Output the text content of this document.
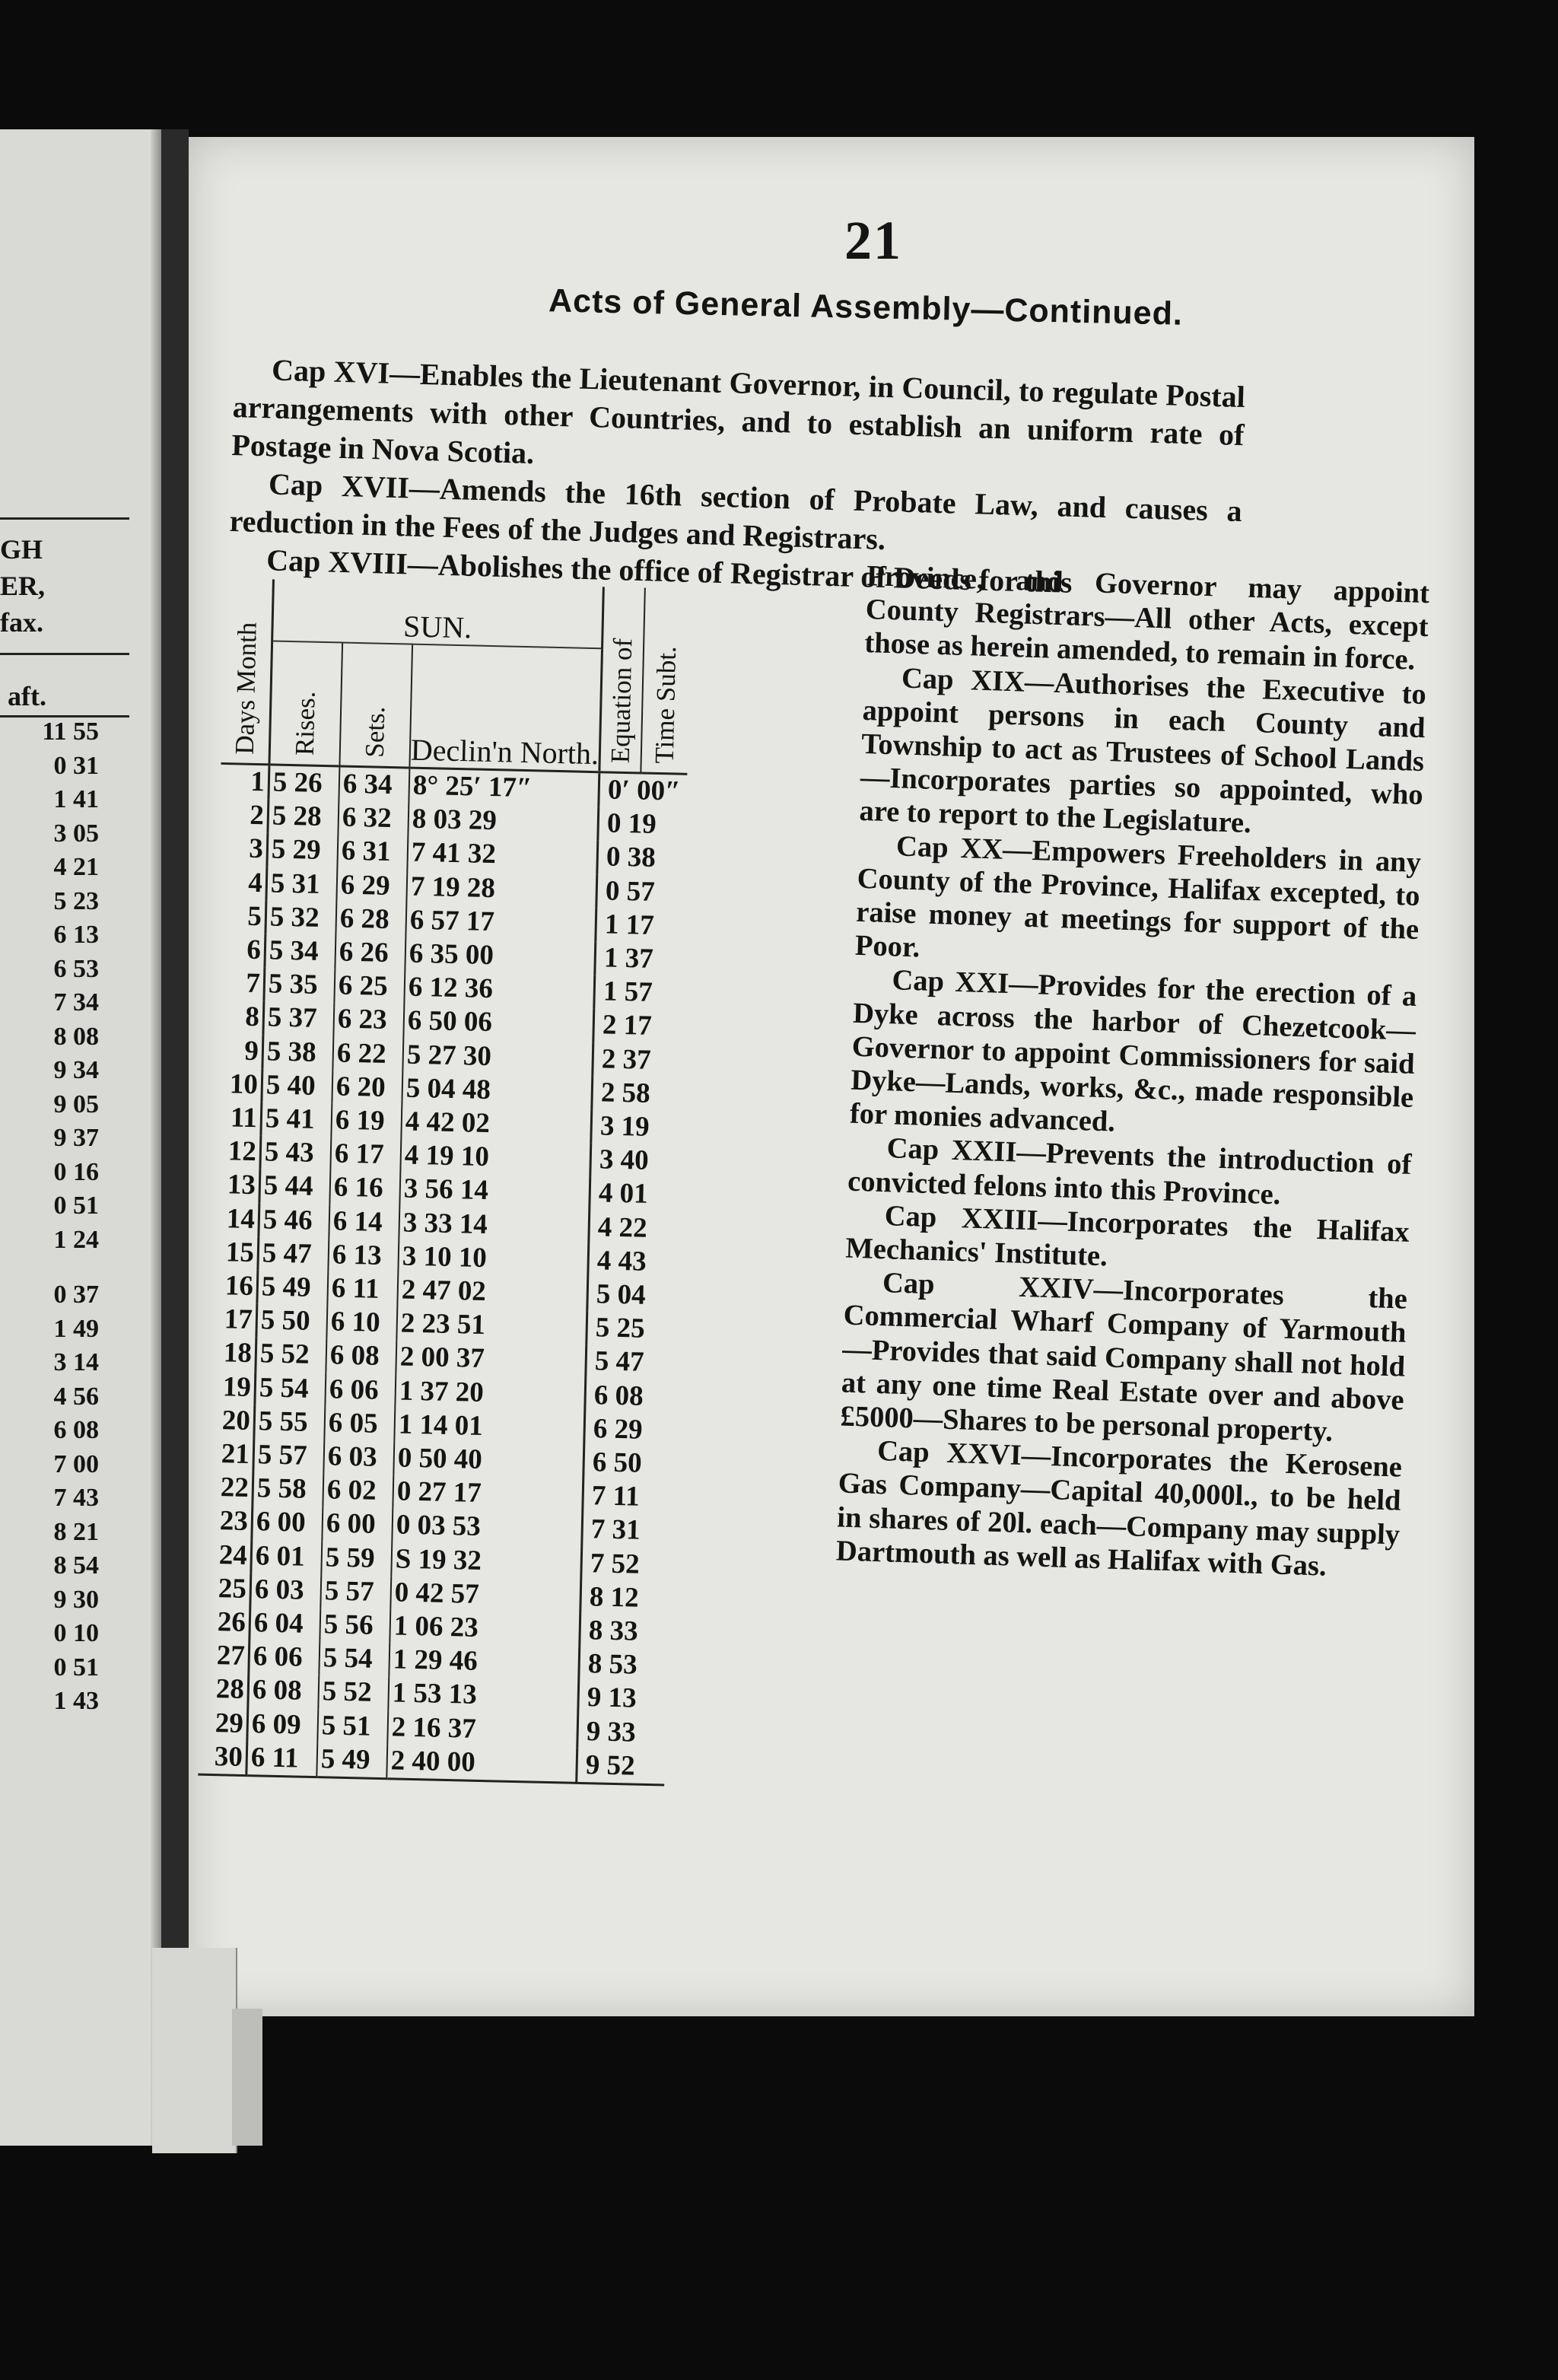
GH
ER,
fax.
aft.
11 55
0 31
1 41
3 05
4 21
5 23
6 13
6 53
7 34
8 08
9 34
9 05
9 37
0 16
0 51
1 24
0 37
1 49
3 14
4 56
6 08
7 00
7 43
8 21
8 54
9 30
0 10
0 51
1 43
21
Acts of General Assembly—Continued.

Cap XVI—Enables the Lieutenant Governor, in Council, to regulate Postal arrangements with other Countries, and to establish an uniform rate of Postage in Nova Scotia.

Cap XVII—Amends the 16th section of Probate Law, and causes a reduction in the Fees of the Judges and Registrars.

Cap XVIII—Abolishes the office of Registrar of Deeds for this

Days Month	SUN.			Equation of	Time Subt.
	Rises.	Sets.	Declin'n North.		
1	5 26	6 34	8° 25′ 17″	0′ 00″	
2	5 28	6 32	8 03 29	0 19	
3	5 29	6 31	7 41 32	0 38	
4	5 31	6 29	7 19 28	0 57	
5	5 32	6 28	6 57 17	1 17	
6	5 34	6 26	6 35 00	1 37	
7	5 35	6 25	6 12 36	1 57	
8	5 37	6 23	6 50 06	2 17	
9	5 38	6 22	5 27 30	2 37	
10	5 40	6 20	5 04 48	2 58	
11	5 41	6 19	4 42 02	3 19	
12	5 43	6 17	4 19 10	3 40	
13	5 44	6 16	3 56 14	4 01	
14	5 46	6 14	3 33 14	4 22	
15	5 47	6 13	3 10 10	4 43	
16	5 49	6 11	2 47 02	5 04	
17	5 50	6 10	2 23 51	5 25	
18	5 52	6 08	2 00 37	5 47	
19	5 54	6 06	1 37 20	6 08	
20	5 55	6 05	1 14 01	6 29	
21	5 57	6 03	0 50 40	6 50	
22	5 58	6 02	0 27 17	7 11	
23	6 00	6 00	0 03 53	7 31	
24	6 01	5 59	S 19 32	7 52	
25	6 03	5 57	0 42 57	8 12	
26	6 04	5 56	1 06 23	8 33	
27	6 06	5 54	1 29 46	8 53	
28	6 08	5 52	1 53 13	9 13	
29	6 09	5 51	2 16 37	9 33	
30	6 11	5 49	2 40 00	9 52	

Province, and Governor may appoint County Registrars—All other Acts, except those as herein amended, to remain in force.

Cap XIX—Authorises the Executive to appoint persons in each County and Township to act as Trustees of School Lands—Incorporates parties so appointed, who are to report to the Legislature.

Cap XX—Empowers Freeholders in any County of the Province, Halifax excepted, to raise money at meetings for support of the Poor.

Cap XXI—Provides for the erection of a Dyke across the harbor of Chezetcook—Governor to appoint Commissioners for said Dyke—Lands, works, &c., made responsible for monies advanced.

Cap XXII—Prevents the introduction of convicted felons into this Province.

Cap XXIII—Incorporates the Halifax Mechanics' Institute.

Cap XXIV—Incorporates the Commercial Wharf Company of Yarmouth—Provides that said Company shall not hold at any one time Real Estate over and above £5000—Shares to be personal property.

Cap XXVI—Incorporates the Kerosene Gas Company—Capital 40,000l., to be held in shares of 20l. each—Company may supply Dartmouth as well as Halifax with Gas.
